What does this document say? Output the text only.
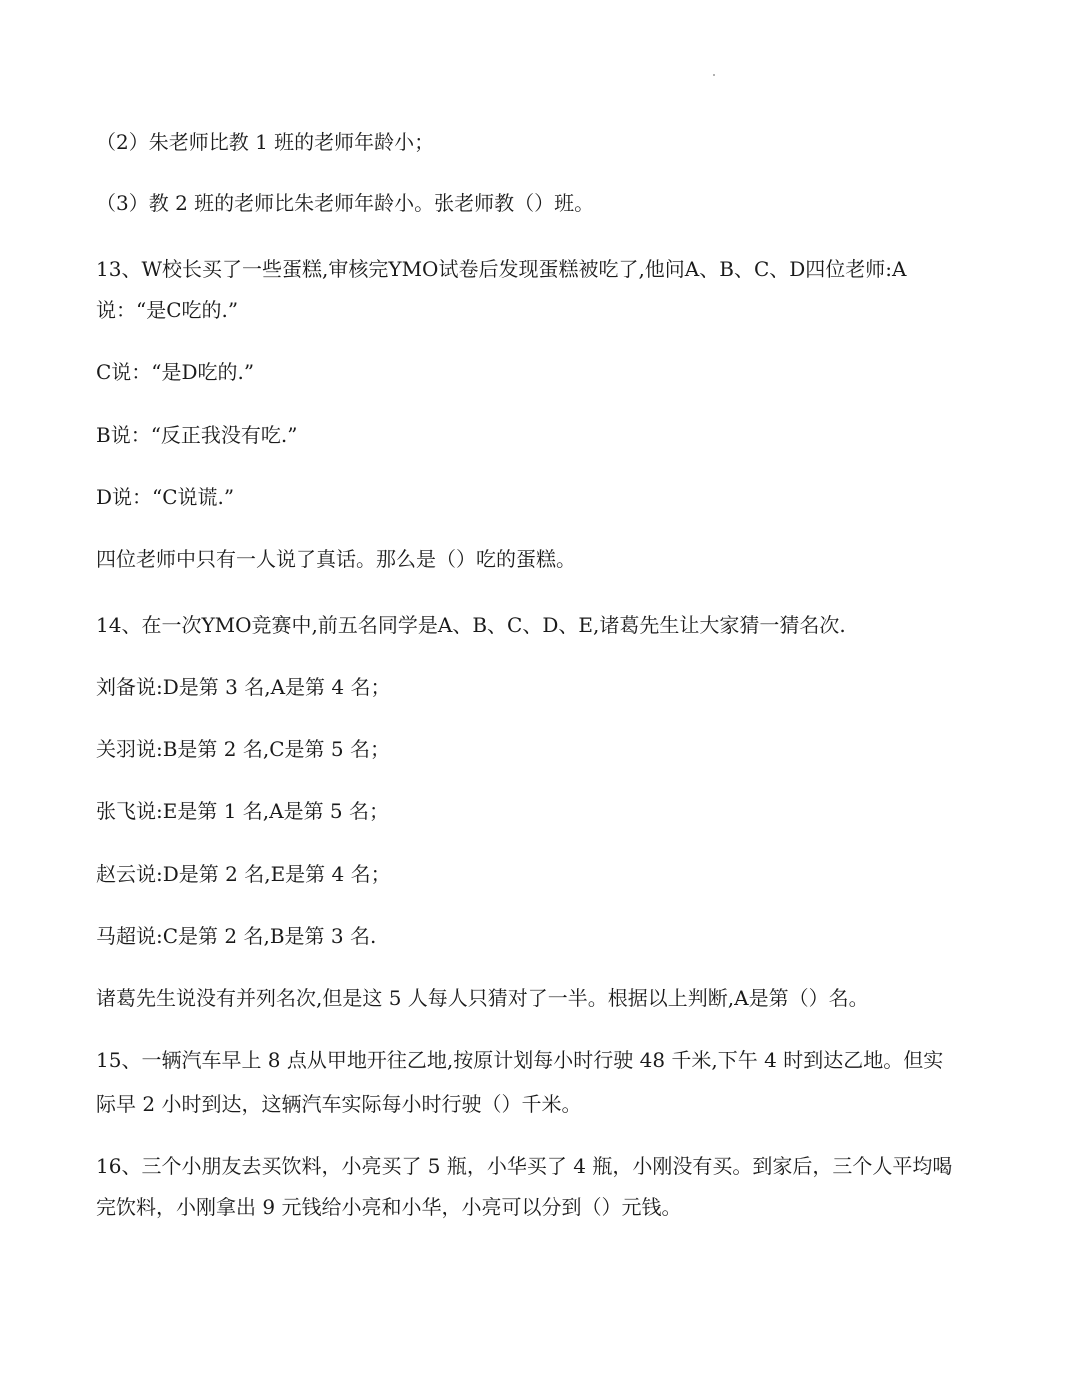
（2）朱老师比教 1 班的老师年龄小；
（3）教 2 班的老师比朱老师年龄小。张老师教（）班。
13、W校长买了一些蛋糕,审核完YMO试卷后发现蛋糕被吃了,他问A、B、C、D四位老师:A
说：“是C吃的.”
C说：“是D吃的.”
B说：“反正我没有吃.”
D说：“C说谎.”
四位老师中只有一人说了真话。那么是（）吃的蛋糕。
14、在一次YMO竞赛中,前五名同学是A、B、C、D、E,诸葛先生让大家猜一猜名次.
刘备说:D是第 3 名,A是第 4 名；
关羽说:B是第 2 名,C是第 5 名；
张飞说:E是第 1 名,A是第 5 名；
赵云说:D是第 2 名,E是第 4 名；
马超说:C是第 2 名,B是第 3 名.
诸葛先生说没有并列名次,但是这 5 人每人只猜对了一半。根据以上判断,A是第（）名。
15、一辆汽车早上 8 点从甲地开往乙地,按原计划每小时行驶 48 千米,下午 4 时到达乙地。但实
际早 2 小时到达，这辆汽车实际每小时行驶（）千米。
16、三个小朋友去买饮料，小亮买了 5 瓶，小华买了 4 瓶，小刚没有买。到家后，三个人平均喝
完饮料，小刚拿出 9 元钱给小亮和小华，小亮可以分到（）元钱。
